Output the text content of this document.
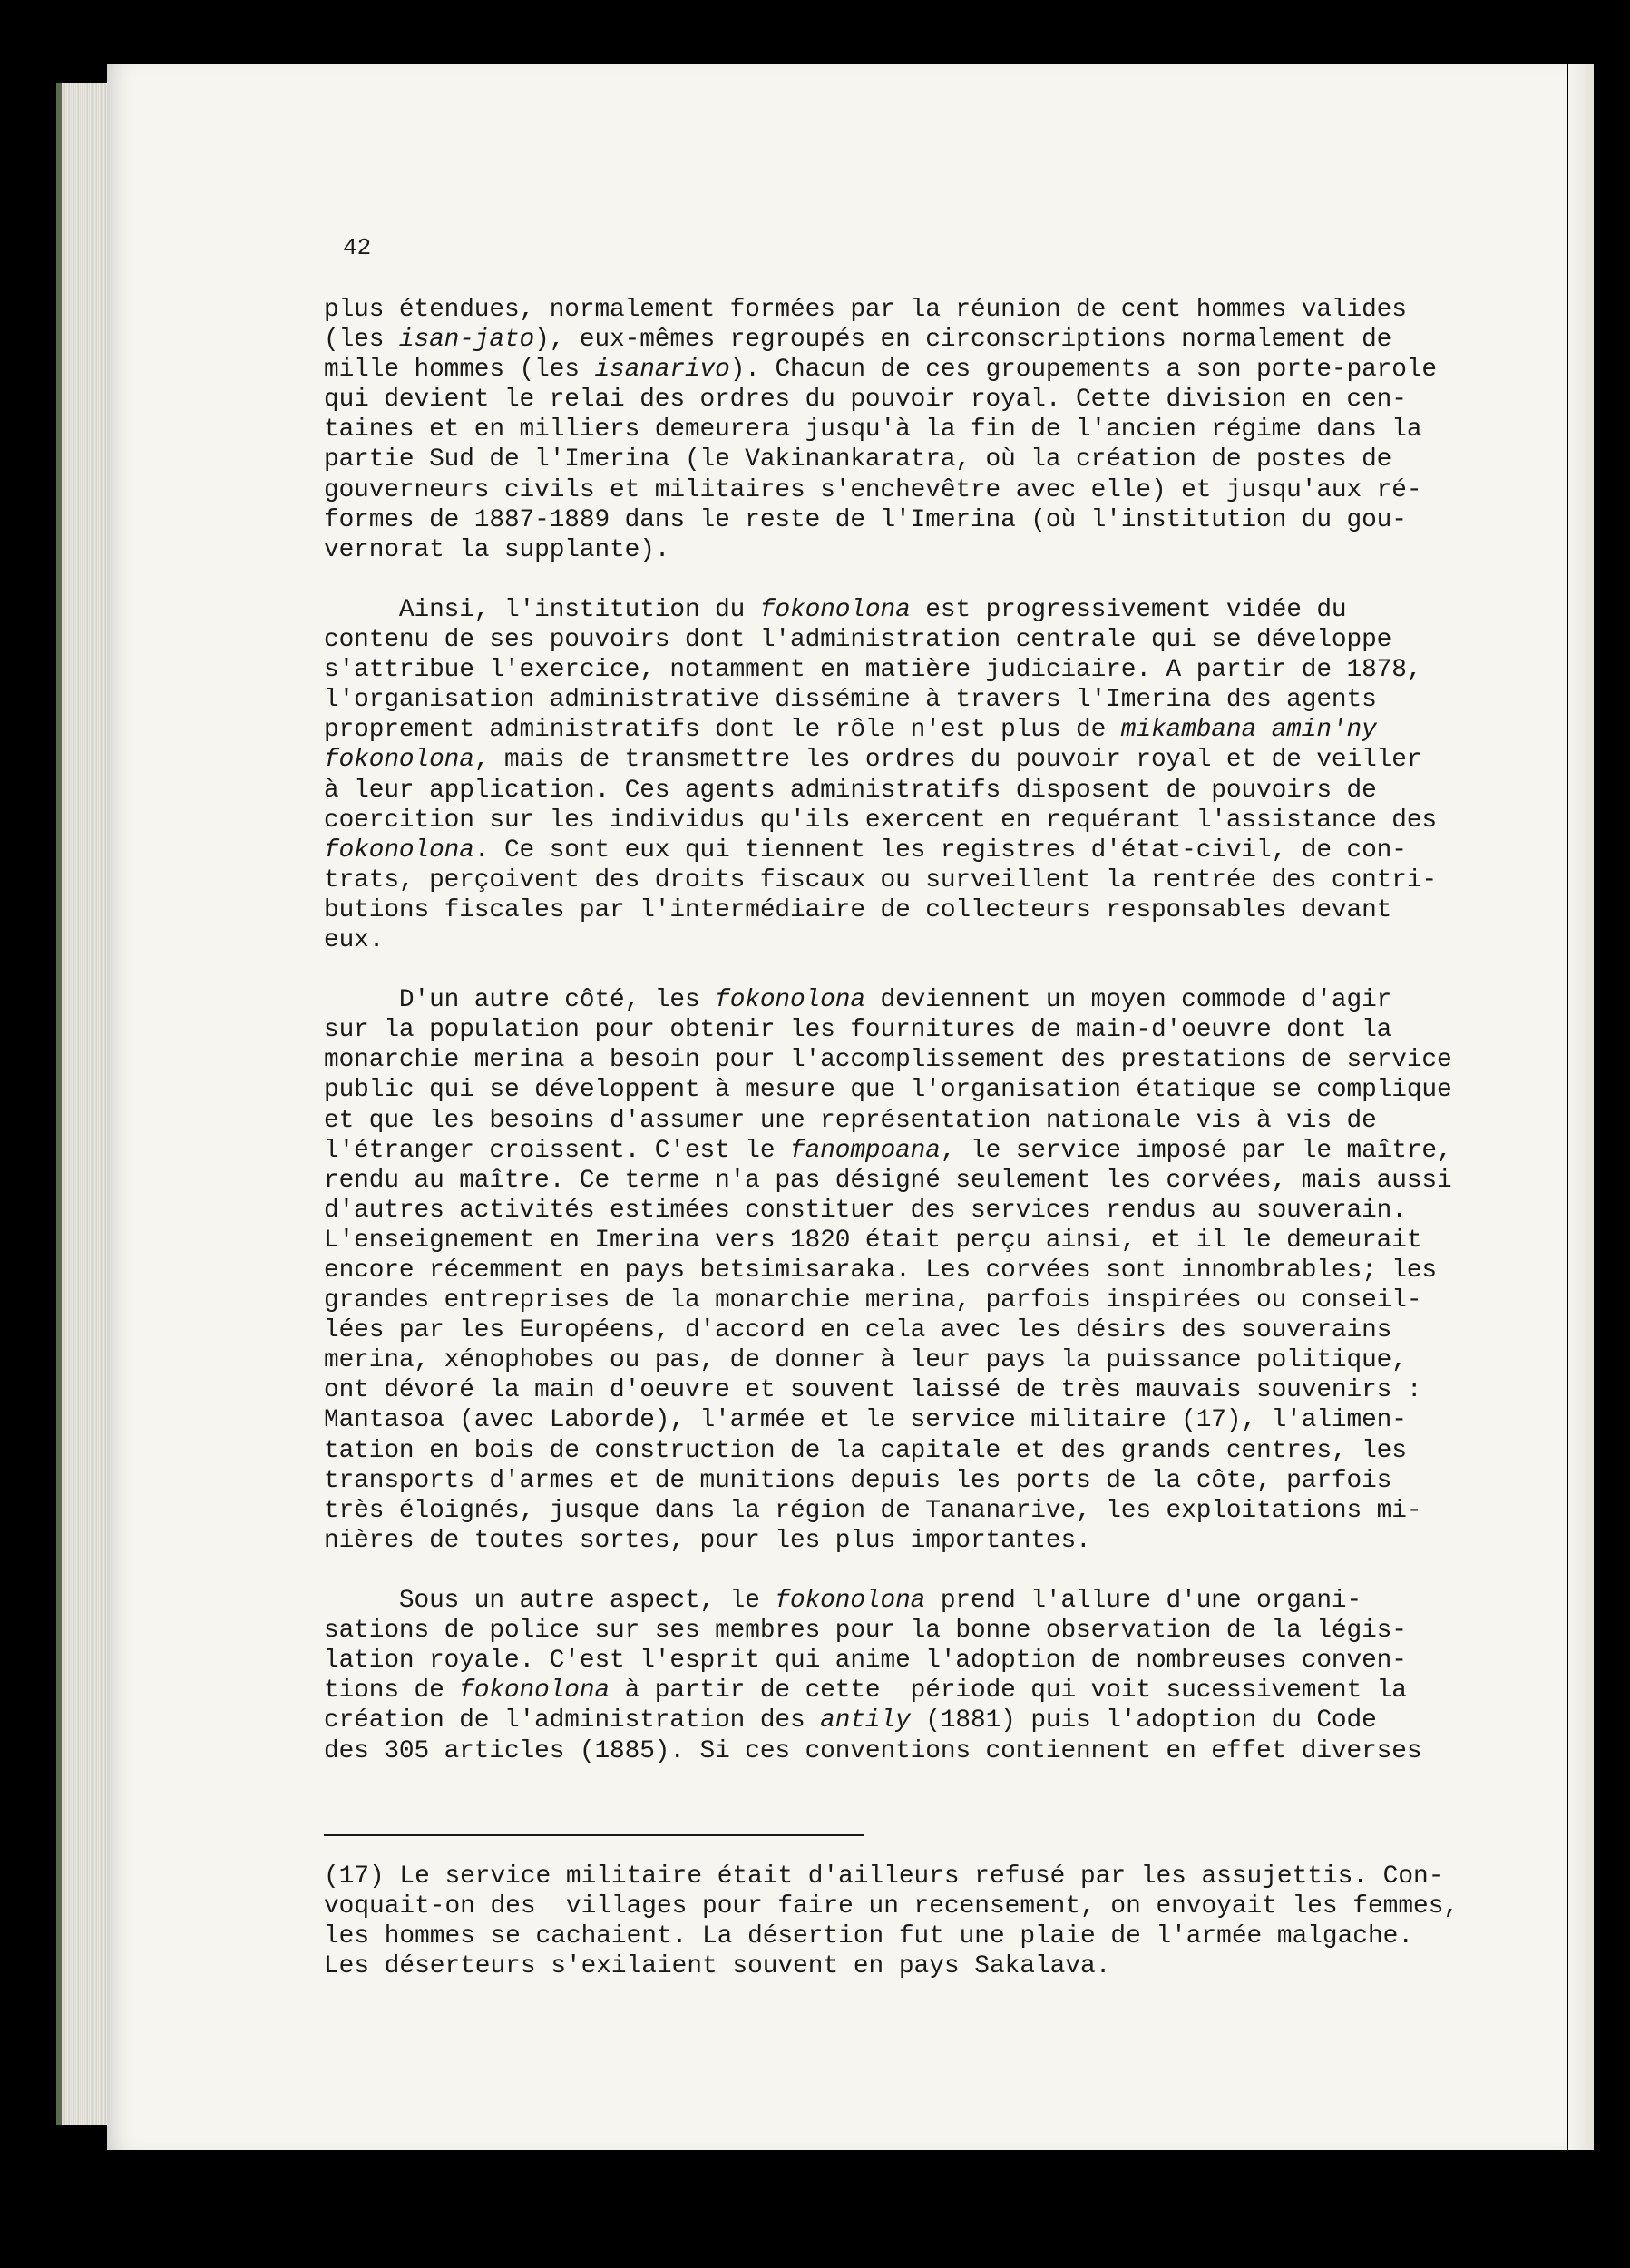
42

plus étendues, normalement formées par la réunion de cent hommes valides
(les isan-jato), eux-mêmes regroupés en circonscriptions normalement de
mille hommes (les isanarivo). Chacun de ces groupements a son porte-parole
qui devient le relai des ordres du pouvoir royal. Cette division en cen-
taines et en milliers demeurera jusqu'à la fin de l'ancien régime dans la
partie Sud de l'Imerina (le Vakinankaratra, où la création de postes de
gouverneurs civils et militaires s'enchevêtre avec elle) et jusqu'aux ré-
formes de 1887-1889 dans le reste de l'Imerina (où l'institution du gou-
vernorat la supplante).

Ainsi, l'institution du fokonolona est progressivement vidée du
contenu de ses pouvoirs dont l'administration centrale qui se développe
s'attribue l'exercice, notamment en matière judiciaire. A partir de 1878,
l'organisation administrative dissémine à travers l'Imerina des agents
proprement administratifs dont le rôle n'est plus de mikambana amin'ny
fokonolona, mais de transmettre les ordres du pouvoir royal et de veiller
à leur application. Ces agents administratifs disposent de pouvoirs de
coercition sur les individus qu'ils exercent en requérant l'assistance des
fokonolona. Ce sont eux qui tiennent les registres d'état-civil, de con-
trats, perçoivent des droits fiscaux ou surveillent la rentrée des contri-
butions fiscales par l'intermédiaire de collecteurs responsables devant
eux.

D'un autre côté, les fokonolona deviennent un moyen commode d'agir
sur la population pour obtenir les fournitures de main-d'oeuvre dont la
monarchie merina a besoin pour l'accomplissement des prestations de service
public qui se développent à mesure que l'organisation étatique se complique
et que les besoins d'assumer une représentation nationale vis à vis de
l'étranger croissent. C'est le fanompoana, le service imposé par le maître,
rendu au maître. Ce terme n'a pas désigné seulement les corvées, mais aussi
d'autres activités estimées constituer des services rendus au souverain.
L'enseignement en Imerina vers 1820 était perçu ainsi, et il le demeurait
encore récemment en pays betsimisaraka. Les corvées sont innombrables; les
grandes entreprises de la monarchie merina, parfois inspirées ou conseil-
lées par les Européens, d'accord en cela avec les désirs des souverains
merina, xénophobes ou pas, de donner à leur pays la puissance politique,
ont dévoré la main d'oeuvre et souvent laissé de très mauvais souvenirs :
Mantasoa (avec Laborde), l'armée et le service militaire (17), l'alimen-
tation en bois de construction de la capitale et des grands centres, les
transports d'armes et de munitions depuis les ports de la côte, parfois
très éloignés, jusque dans la région de Tananarive, les exploitations mi-
nières de toutes sortes, pour les plus importantes.

Sous un autre aspect, le fokonolona prend l'allure d'une organi-
sations de police sur ses membres pour la bonne observation de la légis-
lation royale. C'est l'esprit qui anime l'adoption de nombreuses conven-
tions de fokonolona à partir de cette  période qui voit sucessivement la
création de l'administration des antily (1881) puis l'adoption du Code
des 305 articles (1885). Si ces conventions contiennent en effet diverses

(17) Le service militaire était d'ailleurs refusé par les assujettis. Con-
voquait-on des  villages pour faire un recensement, on envoyait les femmes,
les hommes se cachaient. La désertion fut une plaie de l'armée malgache.
Les déserteurs s'exilaient souvent en pays Sakalava.
